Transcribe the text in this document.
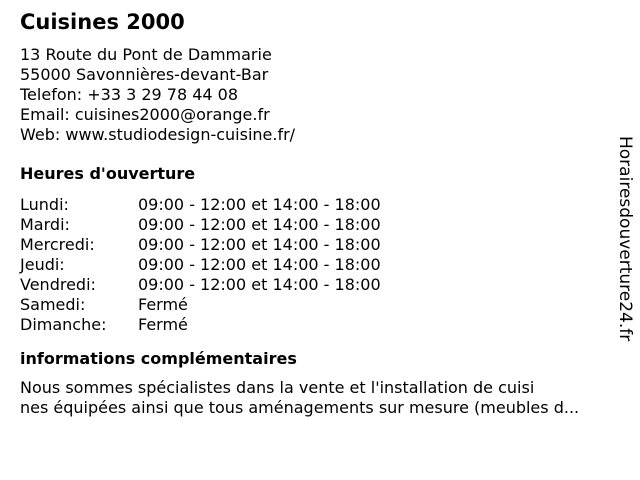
Cuisines 2000
13 Route du Pont de Dammarie
55000 Savonnières-devant-Bar
Telefon: +33 3 29 78 44 08
Email: cuisines2000@orange.fr
Web: www.studiodesign-cuisine.fr/
Heures d'ouverture
Lundi:	09:00 - 12:00 et 14:00 - 18:00
Mardi:	09:00 - 12:00 et 14:00 - 18:00
Mercredi:	09:00 - 12:00 et 14:00 - 18:00
Jeudi:	09:00 - 12:00 et 14:00 - 18:00
Vendredi:	09:00 - 12:00 et 14:00 - 18:00
Samedi:	Fermé
Dimanche:	Fermé
informations complémentaires
Nous sommes spécialistes dans la vente et l'installation de cuisi
nes équipées ainsi que tous aménagements sur mesure (meubles d...
Horairesdouverture24.fr
